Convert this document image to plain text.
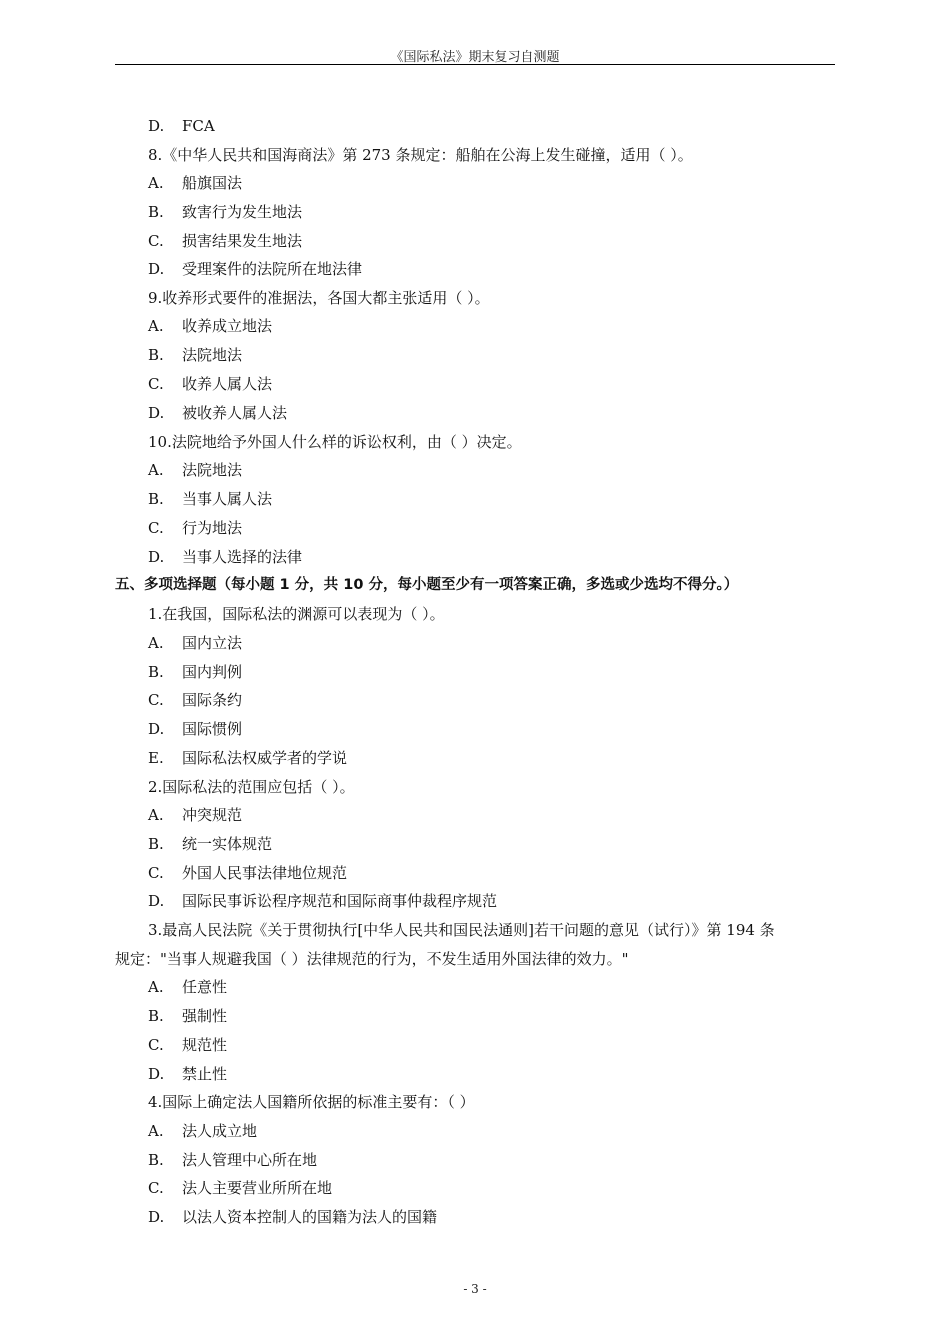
《国际私法》期末复习自测题
D. FCA
8.《中华人民共和国海商法》第 273 条规定：船舶在公海上发生碰撞，适用（ ）。
A. 船旗国法
B. 致害行为发生地法
C. 损害结果发生地法
D. 受理案件的法院所在地法律
9.收养形式要件的准据法，各国大都主张适用（ ）。
A. 收养成立地法
B. 法院地法
C. 收养人属人法
D. 被收养人属人法
10.法院地给予外国人什么样的诉讼权利，由（ ）决定。
A. 法院地法
B. 当事人属人法
C. 行为地法
D. 当事人选择的法律
五、多项选择题（每小题 1 分，共 10 分，每小题至少有一项答案正确，多选或少选均不得分。）
1.在我国，国际私法的渊源可以表现为（ ）。
A. 国内立法
B. 国内判例
C. 国际条约
D. 国际惯例
E. 国际私法权威学者的学说
2.国际私法的范围应包括（ ）。
A. 冲突规范
B. 统一实体规范
C. 外国人民事法律地位规范
D. 国际民事诉讼程序规范和国际商事仲裁程序规范
3.最高人民法院《关于贯彻执行[中华人民共和国民法通则]若干问题的意见（试行）》第 194 条
规定："当事人规避我国（ ）法律规范的行为，不发生适用外国法律的效力。"
A. 任意性
B. 强制性
C. 规范性
D. 禁止性
4.国际上确定法人国籍所依据的标准主要有：（ ）
A. 法人成立地
B. 法人管理中心所在地
C. 法人主要营业所所在地
D. 以法人资本控制人的国籍为法人的国籍
- 3 -
